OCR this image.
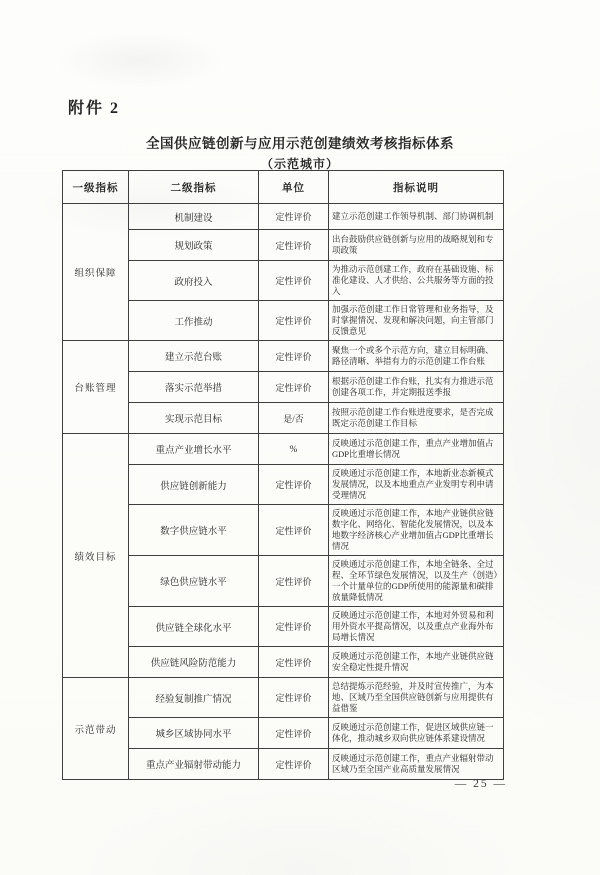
附件 2
全国供应链创新与应用示范创建绩效考核指标体系
（示范城市）
一级指标	二级指标	单位	指标说明
组织保障	机制建设	定性评价	建立示范创建工作领导机制、部门协调机制
	规划政策	定性评价	出台鼓励供应链创新与应用的战略规划和专项政策
	政府投入	定性评价	为推动示范创建工作，政府在基础设施、标准化建设、人才供给、公共服务等方面的投入
	工作推动	定性评价	加强示范创建工作日常管理和业务指导，及时掌握情况、发现和解决问题，向主管部门反馈意见
台账管理	建立示范台账	定性评价	聚焦一个或多个示范方向，建立目标明确、路径清晰、举措有力的示范创建工作台账
	落实示范举措	定性评价	根据示范创建工作台账，扎实有力推进示范创建各项工作，并定期报送季报
	实现示范目标	是/否	按照示范创建工作台账进度要求，是否完成既定示范创建工作目标
绩效目标	重点产业增长水平	%	反映通过示范创建工作，重点产业增加值占GDP比重增长情况
	供应链创新能力	定性评价	反映通过示范创建工作，本地新业态新模式发展情况，以及本地重点产业发明专利申请受理情况
	数字供应链水平	定性评价	反映通过示范创建工作，本地产业链供应链数字化、网络化、智能化发展情况，以及本地数字经济核心产业增加值占GDP比重增长情况
	绿色供应链水平	定性评价	反映通过示范创建工作，本地全链条、全过程、全环节绿色发展情况，以及生产（创造）一个计量单位的GDP所使用的能源量和碳排放量降低情况
	供应链全球化水平	定性评价	反映通过示范创建工作，本地对外贸易和利用外资水平提高情况，以及重点产业海外布局增长情况
	供应链风险防范能力	定性评价	反映通过示范创建工作，本地产业链供应链安全稳定性提升情况
示范带动	经验复制推广情况	定性评价	总结提炼示范经验，并及时宣传推广，为本地、区域乃至全国供应链创新与应用提供有益借鉴
	城乡区域协同水平	定性评价	反映通过示范创建工作，促进区域供应链一体化，推动城乡双向供应链体系建设情况
	重点产业辐射带动能力	定性评价	反映通过示范创建工作，重点产业辐射带动区域乃至全国产业高质量发展情况
— 25 —
